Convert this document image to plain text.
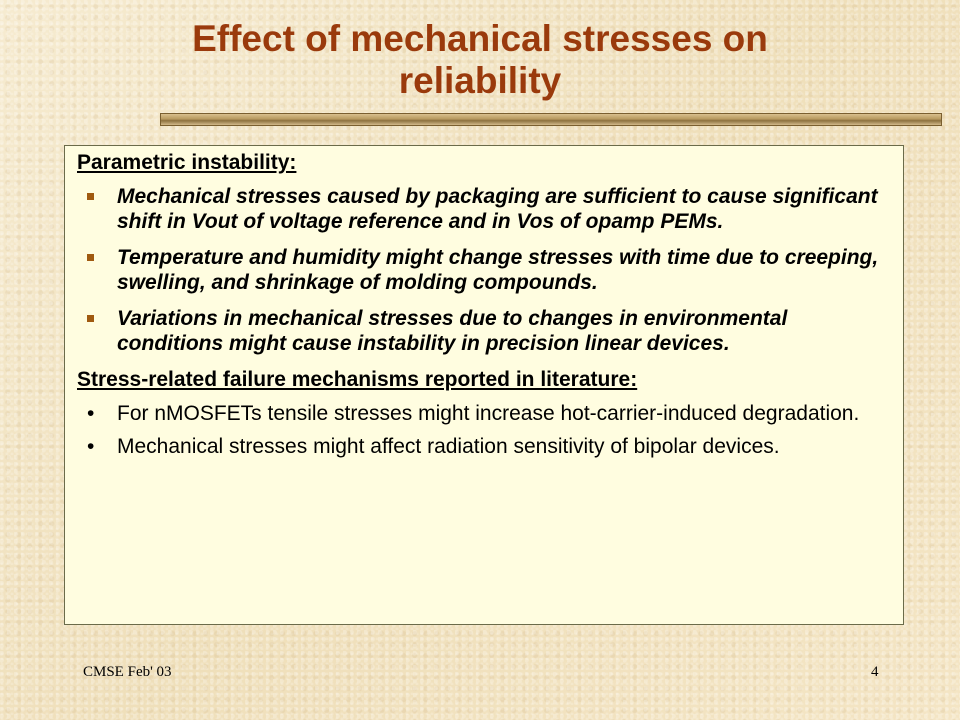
Effect of mechanical stresses on
reliability

Parametric instability:

Mechanical stresses caused by packaging are sufficient to cause significant shift in Vout of voltage reference and in Vos of opamp PEMs.
Temperature and humidity might change stresses with time due to creeping, swelling, and shrinkage of molding compounds.
Variations in mechanical stresses due to changes in environmental conditions might cause instability in precision linear devices.

Stress-related failure mechanisms reported in literature:

• For nMOSFETs tensile stresses might increase hot-carrier-induced degradation.
• Mechanical stresses might affect radiation sensitivity of bipolar devices.
CMSE Feb' 03	4
